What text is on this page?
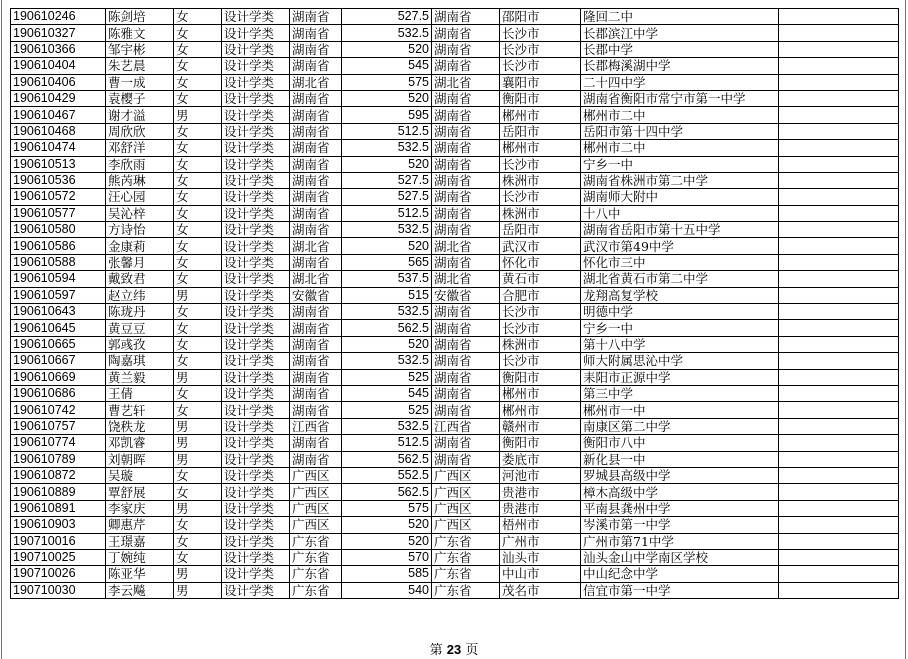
190610246	陈剑培	女	设计学类	湖南省	527.5	湖南省	邵阳市	隆回二中	
190610327	陈雅文	女	设计学类	湖南省	532.5	湖南省	长沙市	长郡滨江中学	
190610366	邹宇彬	女	设计学类	湖南省	520	湖南省	长沙市	长郡中学	
190610404	朱艺晨	女	设计学类	湖南省	545	湖南省	长沙市	长郡梅溪湖中学	
190610406	曹一成	女	设计学类	湖北省	575	湖北省	襄阳市	二十四中学	
190610429	袁樱子	女	设计学类	湖南省	520	湖南省	衡阳市	湖南省衡阳市常宁市第一中学	
190610467	谢才溢	男	设计学类	湖南省	595	湖南省	郴州市	郴州市二中	
190610468	周欣欣	女	设计学类	湖南省	512.5	湖南省	岳阳市	岳阳市第十四中学	
190610474	邓舒洋	女	设计学类	湖南省	532.5	湖南省	郴州市	郴州市二中	
190610513	李欣雨	女	设计学类	湖南省	520	湖南省	长沙市	宁乡一中	
190610536	熊芮琳	女	设计学类	湖南省	527.5	湖南省	株洲市	湖南省株洲市第二中学	
190610572	汪心园	女	设计学类	湖南省	527.5	湖南省	长沙市	湖南师大附中	
190610577	吴沁梓	女	设计学类	湖南省	512.5	湖南省	株洲市	十八中	
190610580	方诗怡	女	设计学类	湖南省	532.5	湖南省	岳阳市	湖南省岳阳市第十五中学	
190610586	金康莉	女	设计学类	湖北省	520	湖北省	武汉市	武汉市第49中学	
190610588	张馨月	女	设计学类	湖南省	565	湖南省	怀化市	怀化市三中	
190610594	戴致君	女	设计学类	湖北省	537.5	湖北省	黄石市	湖北省黄石市第二中学	
190610597	赵立纬	男	设计学类	安徽省	515	安徽省	合肥市	龙翔高复学校	
190610643	陈珑丹	女	设计学类	湖南省	532.5	湖南省	长沙市	明德中学	
190610645	黄豆豆	女	设计学类	湖南省	562.5	湖南省	长沙市	宁乡一中	
190610665	郭彧孜	女	设计学类	湖南省	520	湖南省	株洲市	第十八中学	
190610667	陶嘉琪	女	设计学类	湖南省	532.5	湖南省	长沙市	师大附属思沁中学	
190610669	黄兰毅	男	设计学类	湖南省	525	湖南省	衡阳市	耒阳市正源中学	
190610686	王倩	女	设计学类	湖南省	545	湖南省	郴州市	第三中学	
190610742	曹艺轩	女	设计学类	湖南省	525	湖南省	郴州市	郴州市一中	
190610757	饶秩龙	男	设计学类	江西省	532.5	江西省	赣州市	南康区第二中学	
190610774	邓凯睿	男	设计学类	湖南省	512.5	湖南省	衡阳市	衡阳市八中	
190610789	刘朝晖	男	设计学类	湖南省	562.5	湖南省	娄底市	新化县一中	
190610872	吴璇	女	设计学类	广西区	552.5	广西区	河池市	罗城县高级中学	
190610889	覃舒展	女	设计学类	广西区	562.5	广西区	贵港市	樟木高级中学	
190610891	李家庆	男	设计学类	广西区	575	广西区	贵港市	平南县龚州中学	
190610903	卿惠芹	女	设计学类	广西区	520	广西区	梧州市	岑溪市第一中学	
190710016	王璟嘉	女	设计学类	广东省	520	广东省	广州市	广州市第71中学	
190710025	丁婉纯	女	设计学类	广东省	570	广东省	汕头市	汕头金山中学南区学校	
190710026	陈亚华	男	设计学类	广东省	585	广东省	中山市	中山纪念中学	
190710030	李云飚	男	设计学类	广东省	540	广东省	茂名市	信宜市第一中学	
第 23 页
